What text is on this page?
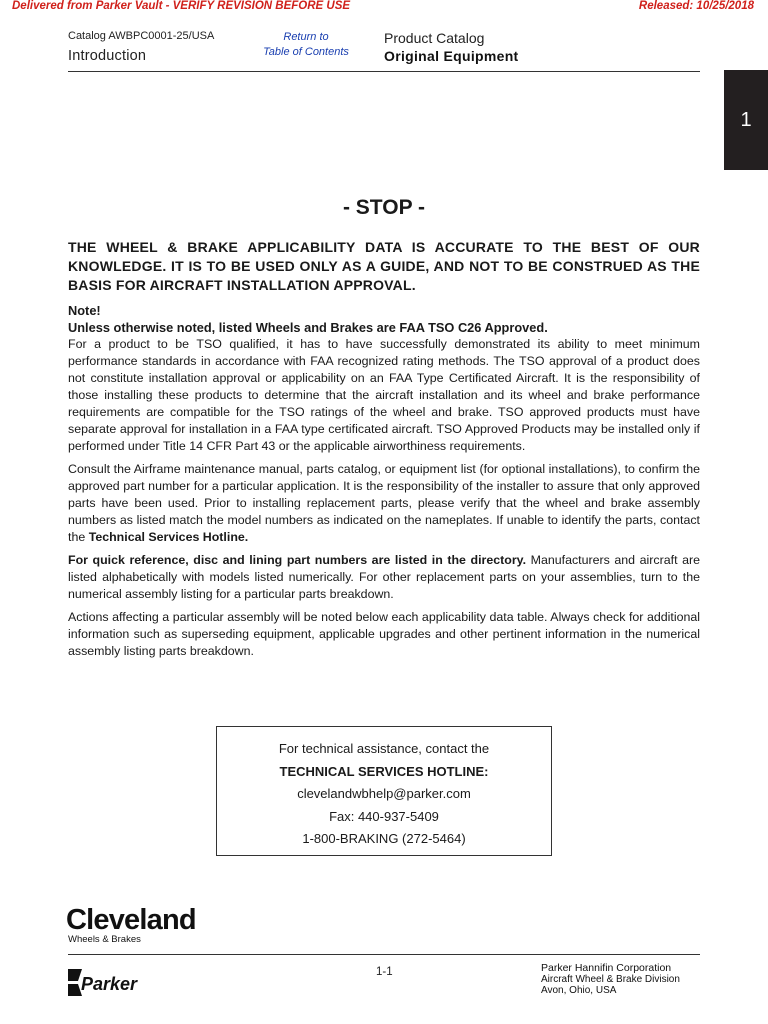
Delivered from Parker Vault - VERIFY REVISION BEFORE USE	Released: 10/25/2018
Catalog AWBPC0001-25/USA
Introduction
Return to
Table of Contents
Product Catalog
Original Equipment
1
- STOP -
THE WHEEL & BRAKE APPLICABILITY DATA IS ACCURATE TO THE BEST OF OUR KNOWLEDGE. IT IS TO BE USED ONLY AS A GUIDE, AND NOT TO BE CONSTRUED AS THE BASIS FOR AIRCRAFT INSTALLATION APPROVAL.

Note!

Unless otherwise noted, listed Wheels and Brakes are FAA TSO C26 Approved.

For a product to be TSO qualified, it has to have successfully demonstrated its ability to meet minimum performance standards in accordance with FAA recognized rating methods. The TSO approval of a product does not constitute installation approval or applicability on an FAA Type Certificated Aircraft. It is the responsibility of those installing these products to determine that the aircraft installation and its wheel and brake performance requirements are compatible for the TSO ratings of the wheel and brake. TSO approved products must have separate approval for installation in a FAA type certificated aircraft. TSO Approved Products may be installed only if performed under Title 14 CFR Part 43 or the applicable airworthiness requirements.

Consult the Airframe maintenance manual, parts catalog, or equipment list (for optional installations), to confirm the approved part number for a particular application. It is the responsibility of the installer to assure that only approved parts have been used. Prior to installing replacement parts, please verify that the wheel and brake assembly numbers as listed match the model numbers as indicated on the nameplates. If unable to identify the parts, contact the Technical Services Hotline.

For quick reference, disc and lining part numbers are listed in the directory. Manufacturers and aircraft are listed alphabetically with models listed numerically. For other replacement parts on your assemblies, turn to the numerical assembly listing for a particular parts breakdown.

Actions affecting a particular assembly will be noted below each applicability data table. Always check for additional information such as superseding equipment, applicable upgrades and other pertinent information in the numerical assembly listing parts breakdown.

For technical assistance, contact the
TECHNICAL SERVICES HOTLINE:
clevelandwbhelp@parker.com
Fax: 440-937-5409
1-800-BRAKING (272-5464)
Cleveland
Wheels & Brakes
Parker
1-1	Parker Hannifin Corporation
Aircraft Wheel & Brake Division
Avon, Ohio, USA
